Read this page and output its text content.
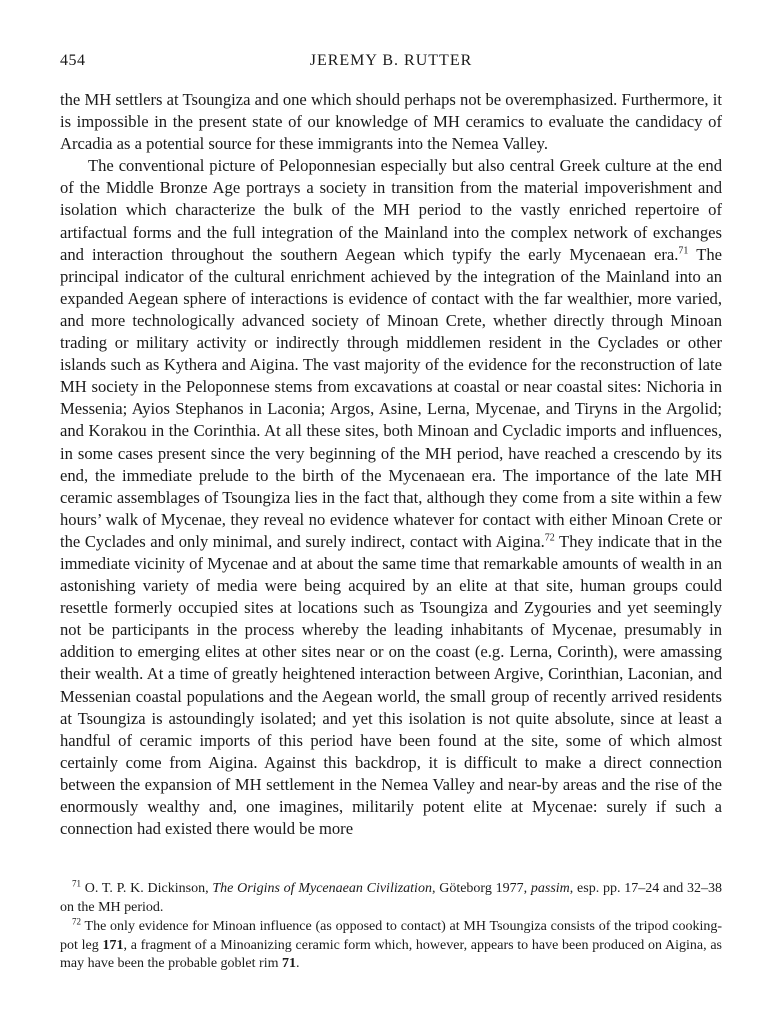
454	JEREMY B. RUTTER

the MH settlers at Tsoungiza and one which should perhaps not be overemphasized. Furthermore, it is impossible in the present state of our knowledge of MH ceramics to evaluate the candidacy of Arcadia as a potential source for these immigrants into the Nemea Valley.

The conventional picture of Peloponnesian especially but also central Greek culture at the end of the Middle Bronze Age portrays a society in transition from the material impoverishment and isolation which characterize the bulk of the MH period to the vastly enriched repertoire of artifactual forms and the full integration of the Mainland into the complex network of exchanges and interaction throughout the southern Aegean which typify the early Mycenaean era.$^{71}$ The principal indicator of the cultural enrichment achieved by the integration of the Mainland into an expanded Aegean sphere of interactions is evidence of contact with the far wealthier, more varied, and more technologically advanced society of Minoan Crete, whether directly through Minoan trading or military activity or indirectly through middlemen resident in the Cyclades or other islands such as Kythera and Aigina. The vast majority of the evidence for the reconstruction of late MH society in the Peloponnese stems from excavations at coastal or near coastal sites: Nichoria in Messenia; Ayios Stephanos in Laconia; Argos, Asine, Lerna, Mycenae, and Tiryns in the Argolid; and Korakou in the Corinthia. At all these sites, both Minoan and Cycladic imports and influences, in some cases present since the very beginning of the MH period, have reached a crescendo by its end, the immediate prelude to the birth of the Mycenaean era. The importance of the late MH ceramic assemblages of Tsoungiza lies in the fact that, although they come from a site within a few hours’ walk of Mycenae, they reveal no evidence whatever for contact with either Minoan Crete or the Cyclades and only minimal, and surely indirect, contact with Aigina.$^{72}$ They indicate that in the immediate vicinity of Mycenae and at about the same time that remarkable amounts of wealth in an astonishing variety of media were being acquired by an elite at that site, human groups could resettle formerly occupied sites at locations such as Tsoungiza and Zygouries and yet seemingly not be participants in the process whereby the leading inhabitants of Mycenae, presumably in addition to emerging elites at other sites near or on the coast (e.g. Lerna, Corinth), were amassing their wealth. At a time of greatly heightened interaction between Argive, Corinthian, Laconian, and Messenian coastal populations and the Aegean world, the small group of recently arrived residents at Tsoungiza is astoundingly isolated; and yet this isolation is not quite absolute, since at least a handful of ceramic imports of this period have been found at the site, some of which almost certainly come from Aigina. Against this backdrop, it is difficult to make a direct connection between the expansion of MH settlement in the Nemea Valley and near-by areas and the rise of the enormously wealthy and, one imagines, militarily potent elite at Mycenae: surely if such a connection had existed there would be more

$^{71}$ O. T. P. K. Dickinson, The Origins of Mycenaean Civilization, Göteborg 1977, passim, esp. pp. 17–24 and 32–38 on the MH period.

$^{72}$ The only evidence for Minoan influence (as opposed to contact) at MH Tsoungiza consists of the tripod cooking-pot leg 171, a fragment of a Minoanizing ceramic form which, however, appears to have been produced on Aigina, as may have been the probable goblet rim 71.
